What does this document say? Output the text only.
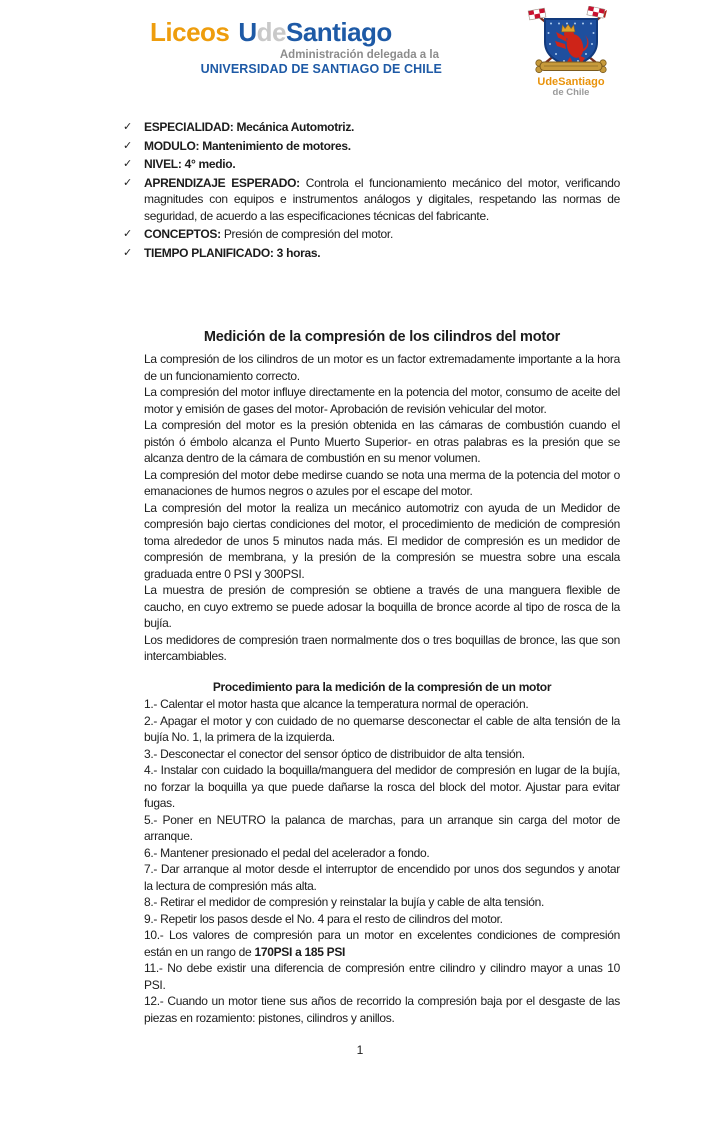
Liceos UdeSantiago
Administración delegada a la
UNIVERSIDAD DE SANTIAGO DE CHILE
UdeSantiago
de Chile
✓ ESPECIALIDAD: Mecánica Automotriz.
✓ MODULO: Mantenimiento de motores.
✓ NIVEL: 4° medio.
✓ APRENDIZAJE ESPERADO: Controla el funcionamiento mecánico del motor, verificando magnitudes con equipos e instrumentos análogos y digitales, respetando las normas de seguridad, de acuerdo a las especificaciones técnicas del fabricante.
✓ CONCEPTOS: Presión de compresión del motor.
✓ TIEMPO PLANIFICADO: 3 horas.
Medición de la compresión de los cilindros del motor

La compresión de los cilindros de un motor es un factor extremadamente importante a la hora de un funcionamiento correcto.

La compresión del motor influye directamente en la potencia del motor, consumo de aceite del motor y emisión de gases del motor- Aprobación de revisión vehicular del motor.

La compresión del motor es la presión obtenida en las cámaras de combustión cuando el pistón ó émbolo alcanza el Punto Muerto Superior- en otras palabras es la presión que se alcanza dentro de la cámara de combustión en su menor volumen.

La compresión del motor debe medirse cuando se nota una merma de la potencia del motor o emanaciones de humos negros o azules por el escape del motor.

La compresión del motor la realiza un mecánico automotriz con ayuda de un Medidor de compresión bajo ciertas condiciones del motor, el procedimiento de medición de compresión toma alrededor de unos 5 minutos nada más. El medidor de compresión es un medidor de compresión de membrana, y la presión de la compresión se muestra sobre una escala graduada entre 0 PSI y 300PSI.

La muestra de presión de compresión se obtiene a través de una manguera flexible de caucho, en cuyo extremo se puede adosar la boquilla de bronce acorde al tipo de rosca de la bujía.

Los medidores de compresión traen normalmente dos o tres boquillas de bronce, las que son intercambiables.

Procedimiento para la medición de la compresión de un motor

1.- Calentar el motor hasta que alcance la temperatura normal de operación.

2.- Apagar el motor y con cuidado de no quemarse desconectar el cable de alta tensión de la bujía No. 1, la primera de la izquierda.

3.- Desconectar el conector del sensor óptico de distribuidor de alta tensión.

4.- Instalar con cuidado la boquilla/manguera del medidor de compresión en lugar de la bujía, no forzar la boquilla ya que puede dañarse la rosca del block del motor. Ajustar para evitar fugas.

5.- Poner en NEUTRO la palanca de marchas, para un arranque sin carga del motor de arranque.

6.- Mantener presionado el pedal del acelerador a fondo.

7.- Dar arranque al motor desde el interruptor de encendido por unos dos segundos y anotar la lectura de compresión más alta.

8.- Retirar el medidor de compresión y reinstalar la bujía y cable de alta tensión.

9.- Repetir los pasos desde el No. 4 para el resto de cilindros del motor.

10.- Los valores de compresión para un motor en excelentes condiciones de compresión están en un rango de 170PSI a 185 PSI

11.- No debe existir una diferencia de compresión entre cilindro y cilindro mayor a unas 10 PSI.

12.- Cuando un motor tiene sus años de recorrido la compresión baja por el desgaste de las piezas en rozamiento: pistones, cilindros y anillos.

1
